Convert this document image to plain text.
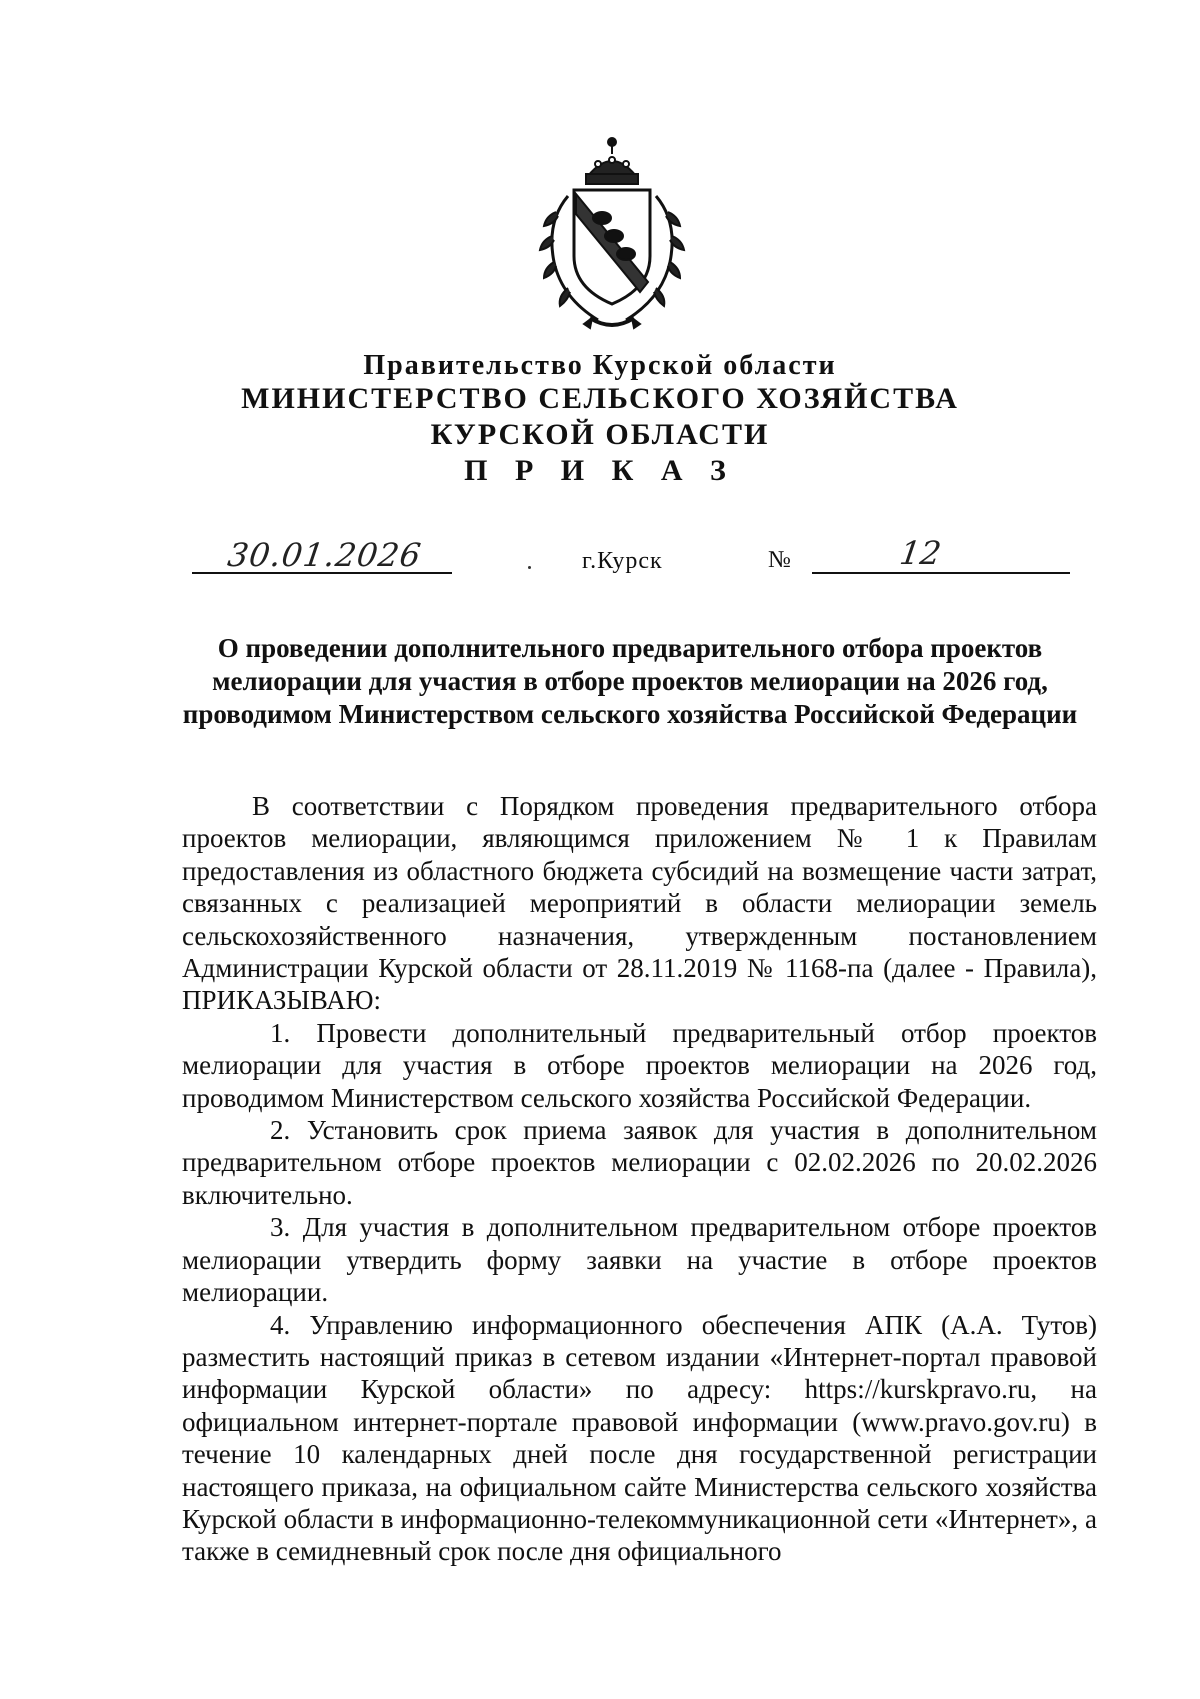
Правительство Курской области
МИНИСТЕРСТВО СЕЛЬСКОГО ХОЗЯЙСТВА
КУРСКОЙ ОБЛАСТИ
П Р И К А З
30.01.2026	г.Курск	№	12
О проведении дополнительного предварительного отбора проектов мелиорации для участия в отборе проектов мелиорации на 2026 год, проводимом Министерством сельского хозяйства Российской Федерации

В соответствии с Порядком проведения предварительного отбора проектов мелиорации, являющимся приложением № 1 к Правилам предоставления из областного бюджета субсидий на возмещение части затрат, связанных с реализацией мероприятий в области мелиорации земель сельскохозяйственного назначения, утвержденным постановлением Администрации Курской области от 28.11.2019 № 1168-па (далее - Правила), ПРИКАЗЫВАЮ:

1. Провести дополнительный предварительный отбор проектов мелиорации для участия в отборе проектов мелиорации на 2026 год, проводимом Министерством сельского хозяйства Российской Федерации.

2. Установить срок приема заявок для участия в дополнительном предварительном отборе проектов мелиорации с 02.02.2026 по 20.02.2026 включительно.

3. Для участия в дополнительном предварительном отборе проектов мелиорации утвердить форму заявки на участие в отборе проектов мелиорации.

4. Управлению информационного обеспечения АПК (А.А. Тутов) разместить настоящий приказ в сетевом издании «Интернет-портал правовой информации Курской области» по адресу: https://kurskpravo.ru, на официальном интернет-портале правовой информации (www.pravo.gov.ru) в течение 10 календарных дней после дня государственной регистрации настоящего приказа, на официальном сайте Министерства сельского хозяйства Курской области в информационно-телекоммуникационной сети «Интернет», а также в семидневный срок после дня официального
